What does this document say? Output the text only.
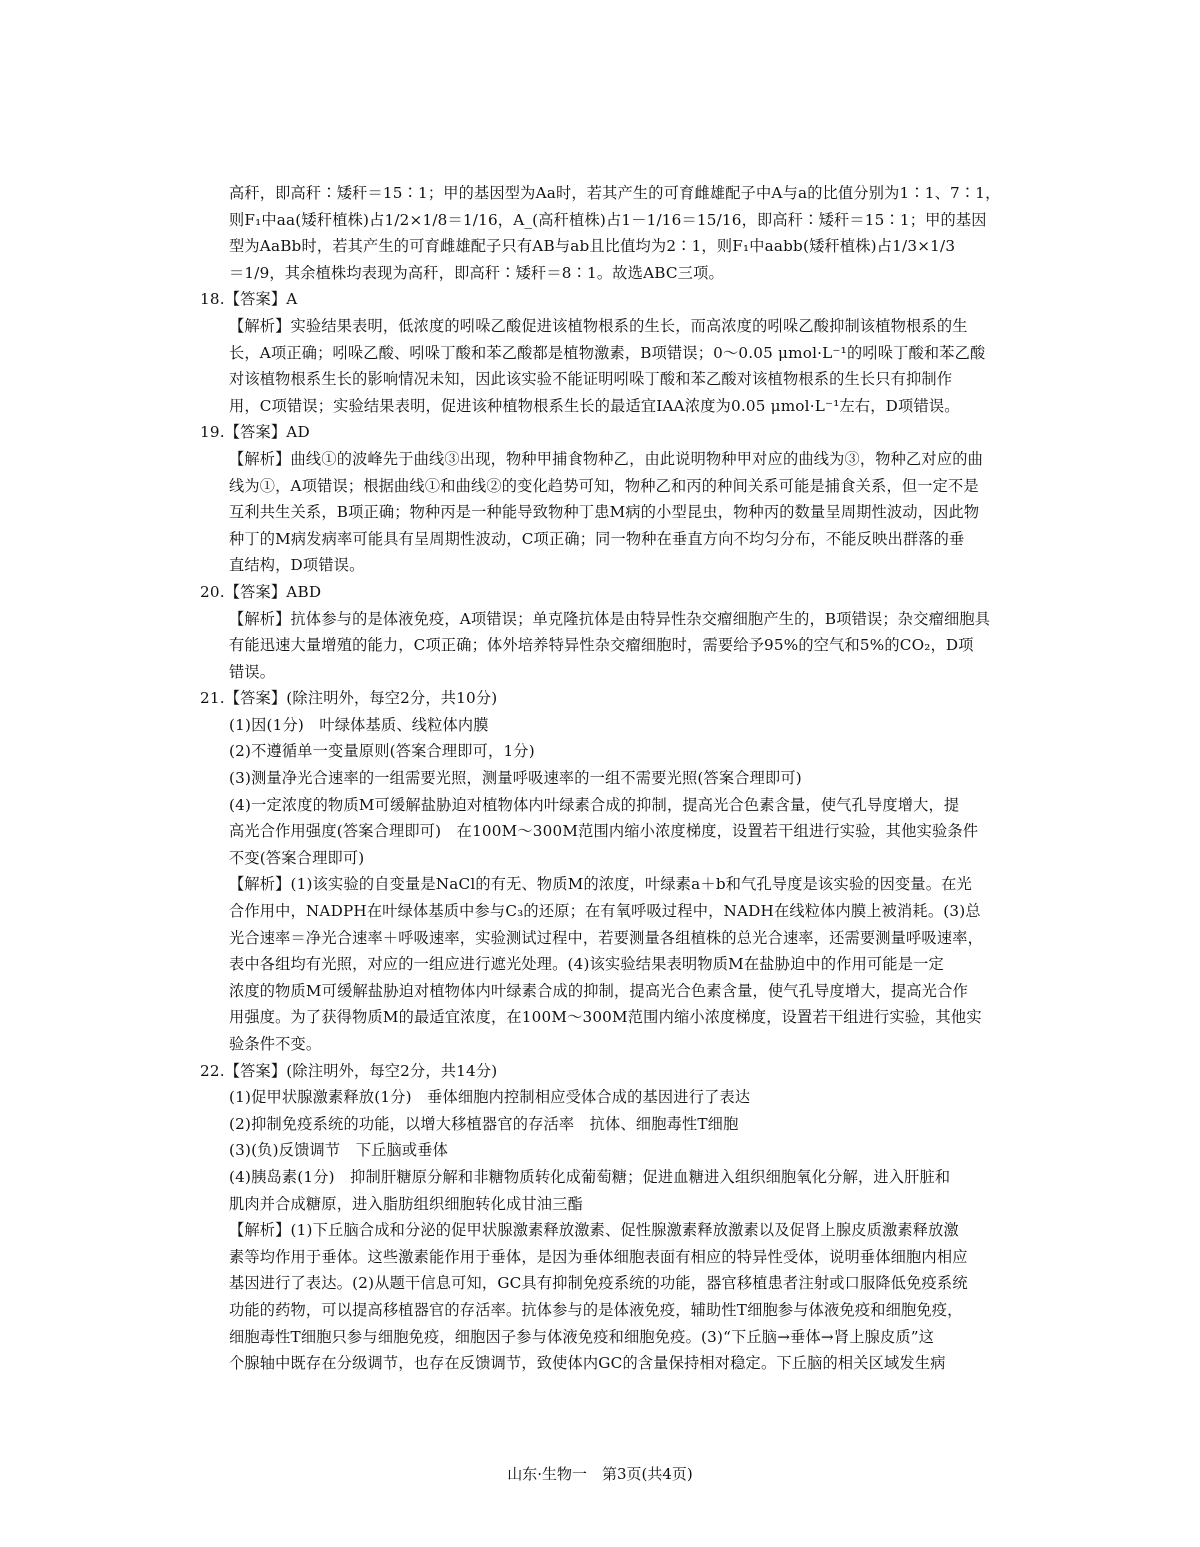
高秆，即高秆∶矮秆＝15∶1；甲的基因型为Aa时，若其产生的可育雌雄配子中A与a的比值分别为1∶1、7∶1，

则F₁中aa(矮秆植株)占1/2×1/8＝1/16，A_(高秆植株)占1－1/16＝15/16，即高秆∶矮秆＝15∶1；甲的基因

型为AaBb时，若其产生的可育雌雄配子只有AB与ab且比值均为2∶1，则F₁中aabb(矮秆植株)占1/3×1/3

＝1/9，其余植株均表现为高秆，即高秆∶矮秆＝8∶1。故选ABC三项。

18.【答案】A

【解析】实验结果表明，低浓度的吲哚乙酸促进该植物根系的生长，而高浓度的吲哚乙酸抑制该植物根系的生

长，A项正确；吲哚乙酸、吲哚丁酸和苯乙酸都是植物激素，B项错误；0～0.05 μmol·L⁻¹的吲哚丁酸和苯乙酸

对该植物根系生长的影响情况未知，因此该实验不能证明吲哚丁酸和苯乙酸对该植物根系的生长只有抑制作

用，C项错误；实验结果表明，促进该种植物根系生长的最适宜IAA浓度为0.05 μmol·L⁻¹左右，D项错误。

19.【答案】AD

【解析】曲线①的波峰先于曲线③出现，物种甲捕食物种乙，由此说明物种甲对应的曲线为③，物种乙对应的曲

线为①，A项错误；根据曲线①和曲线②的变化趋势可知，物种乙和丙的种间关系可能是捕食关系，但一定不是

互利共生关系，B项正确；物种丙是一种能导致物种丁患M病的小型昆虫，物种丙的数量呈周期性波动，因此物

种丁的M病发病率可能具有呈周期性波动，C项正确；同一物种在垂直方向不均匀分布，不能反映出群落的垂

直结构，D项错误。

20.【答案】ABD

【解析】抗体参与的是体液免疫，A项错误；单克隆抗体是由特异性杂交瘤细胞产生的，B项错误；杂交瘤细胞具

有能迅速大量增殖的能力，C项正确；体外培养特异性杂交瘤细胞时，需要给予95%的空气和5%的CO₂，D项

错误。

21.【答案】(除注明外，每空2分，共10分)

(1)因(1分)　叶绿体基质、线粒体内膜

(2)不遵循单一变量原则(答案合理即可，1分)

(3)测量净光合速率的一组需要光照，测量呼吸速率的一组不需要光照(答案合理即可)

(4)一定浓度的物质M可缓解盐胁迫对植物体内叶绿素合成的抑制，提高光合色素含量，使气孔导度增大，提

高光合作用强度(答案合理即可)　在100M～300M范围内缩小浓度梯度，设置若干组进行实验，其他实验条件

不变(答案合理即可)

【解析】(1)该实验的自变量是NaCl的有无、物质M的浓度，叶绿素a＋b和气孔导度是该实验的因变量。在光

合作用中，NADPH在叶绿体基质中参与C₃的还原；在有氧呼吸过程中，NADH在线粒体内膜上被消耗。(3)总

光合速率＝净光合速率＋呼吸速率，实验测试过程中，若要测量各组植株的总光合速率，还需要测量呼吸速率，

表中各组均有光照，对应的一组应进行遮光处理。(4)该实验结果表明物质M在盐胁迫中的作用可能是一定

浓度的物质M可缓解盐胁迫对植物体内叶绿素合成的抑制，提高光合色素含量，使气孔导度增大，提高光合作

用强度。为了获得物质M的最适宜浓度，在100M～300M范围内缩小浓度梯度，设置若干组进行实验，其他实

验条件不变。

22.【答案】(除注明外，每空2分，共14分)

(1)促甲状腺激素释放(1分)　垂体细胞内控制相应受体合成的基因进行了表达

(2)抑制免疫系统的功能，以增大移植器官的存活率　抗体、细胞毒性T细胞

(3)(负)反馈调节　下丘脑或垂体

(4)胰岛素(1分)　抑制肝糖原分解和非糖物质转化成葡萄糖；促进血糖进入组织细胞氧化分解，进入肝脏和

肌肉并合成糖原，进入脂肪组织细胞转化成甘油三酯

【解析】(1)下丘脑合成和分泌的促甲状腺激素释放激素、促性腺激素释放激素以及促肾上腺皮质激素释放激

素等均作用于垂体。这些激素能作用于垂体，是因为垂体细胞表面有相应的特异性受体，说明垂体细胞内相应

基因进行了表达。(2)从题干信息可知，GC具有抑制免疫系统的功能，器官移植患者注射或口服降低免疫系统

功能的药物，可以提高移植器官的存活率。抗体参与的是体液免疫，辅助性T细胞参与体液免疫和细胞免疫，

细胞毒性T细胞只参与细胞免疫，细胞因子参与体液免疫和细胞免疫。(3)“下丘脑→垂体→肾上腺皮质”这

个腺轴中既存在分级调节，也存在反馈调节，致使体内GC的含量保持相对稳定。下丘脑的相关区域发生病

山东·生物一　第3页(共4页)
